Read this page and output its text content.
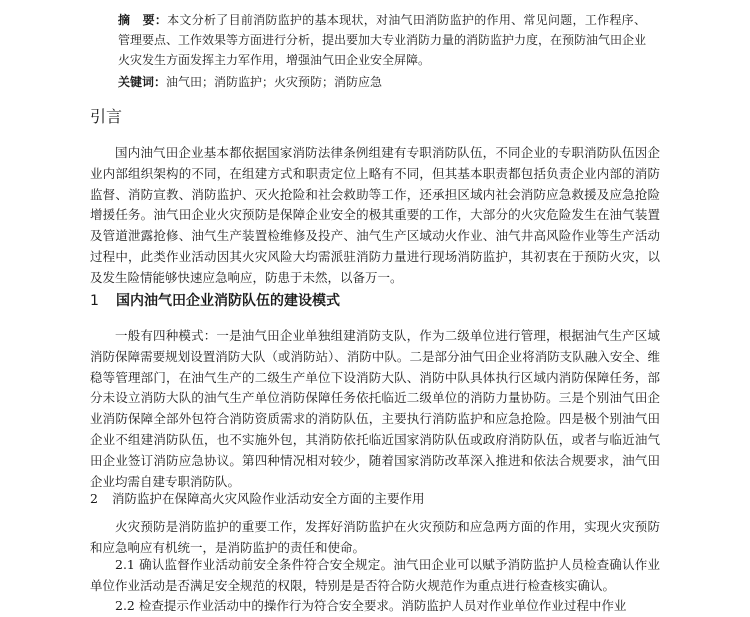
摘　要：本文分析了目前消防监护的基本现状，对油气田消防监护的作用、常见问题，工作程序、管理要点、工作效果等方面进行分析，提出要加大专业消防力量的消防监护力度，在预防油气田企业火灾发生方面发挥主力军作用，增强油气田企业安全屏障。
关键词：油气田；消防监护；火灾预防；消防应急
引言
国内油气田企业基本都依据国家消防法律条例组建有专职消防队伍，不同企业的专职消防队伍因企业内部组织架构的不同，在组建方式和职责定位上略有不同，但其基本职责都包括负责企业内部的消防监督、消防宣教、消防监护、灭火抢险和社会救助等工作，还承担区域内社会消防应急救援及应急抢险增援任务。油气田企业火灾预防是保障企业安全的极其重要的工作，大部分的火灾危险发生在油气装置及管道泄露抢修、油气生产装置检维修及投产、油气生产区域动火作业、油气井高风险作业等生产活动过程中，此类作业活动因其火灾风险大均需派驻消防力量进行现场消防监护，其初衷在于预防火灾，以及发生险情能够快速应急响应，防患于未然，以备万一。
1 国内油气田企业消防队伍的建设模式
一般有四种模式：一是油气田企业单独组建消防支队，作为二级单位进行管理，根据油气生产区域消防保障需要规划设置消防大队（或消防站）、消防中队。二是部分油气田企业将消防支队融入安全、维稳等管理部门，在油气生产的二级生产单位下设消防大队、消防中队具体执行区域内消防保障任务，部分未设立消防大队的油气生产单位消防保障任务依托临近二级单位的消防力量协防。三是个别油气田企业消防保障全部外包符合消防资质需求的消防队伍，主要执行消防监护和应急抢险。四是极个别油气田企业不组建消防队伍，也不实施外包，其消防依托临近国家消防队伍或政府消防队伍，或者与临近油气田企业签订消防应急协议。第四种情况相对较少，随着国家消防改革深入推进和依法合规要求，油气田企业均需自建专职消防队。
2 消防监护在保障高火灾风险作业活动安全方面的主要作用
火灾预防是消防监护的重要工作，发挥好消防监护在火灾预防和应急两方面的作用，实现火灾预防和应急响应有机统一，是消防监护的责任和使命。
2.1 确认监督作业活动前安全条件符合安全规定。油气田企业可以赋予消防监护人员检查确认作业单位作业活动是否满足安全规范的权限，特别是是否符合防火规范作为重点进行检查核实确认。
2.2 检查提示作业活动中的操作行为符合安全要求。消防监护人员对作业单位作业过程中作业
